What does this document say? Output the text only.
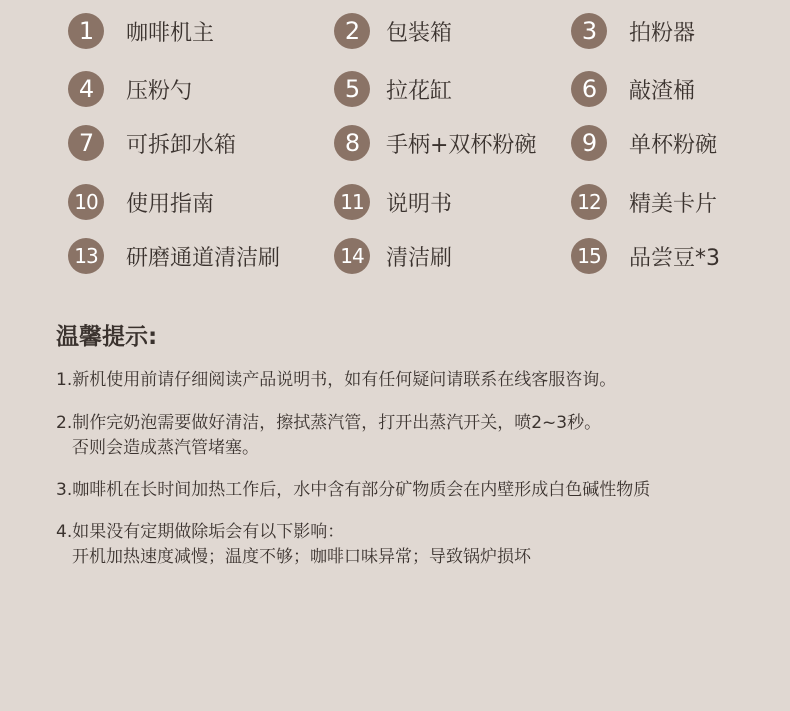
1	咖啡机主	2	包装箱	3	拍粉器
4	压粉勺	5	拉花缸	6	敲渣桶
7	可拆卸水箱	8	手柄+双杯粉碗	9	单杯粉碗
10 使用指南	11 说明书	12 精美卡片
13 研磨通道清洁刷	14 清洁刷	15 品尝豆*3
温馨提示:
1.新机使用前请仔细阅读产品说明书，如有任何疑问请联系在线客服咨询。
2.制作完奶泡需要做好清洁，擦拭蒸汽管，打开出蒸汽开关，喷2~3秒。
否则会造成蒸汽管堵塞。
3.咖啡机在长时间加热工作后，水中含有部分矿物质会在内壁形成白色碱性物质
4.如果没有定期做除垢会有以下影响：
开机加热速度减慢；温度不够；咖啡口味异常；导致锅炉损坏
